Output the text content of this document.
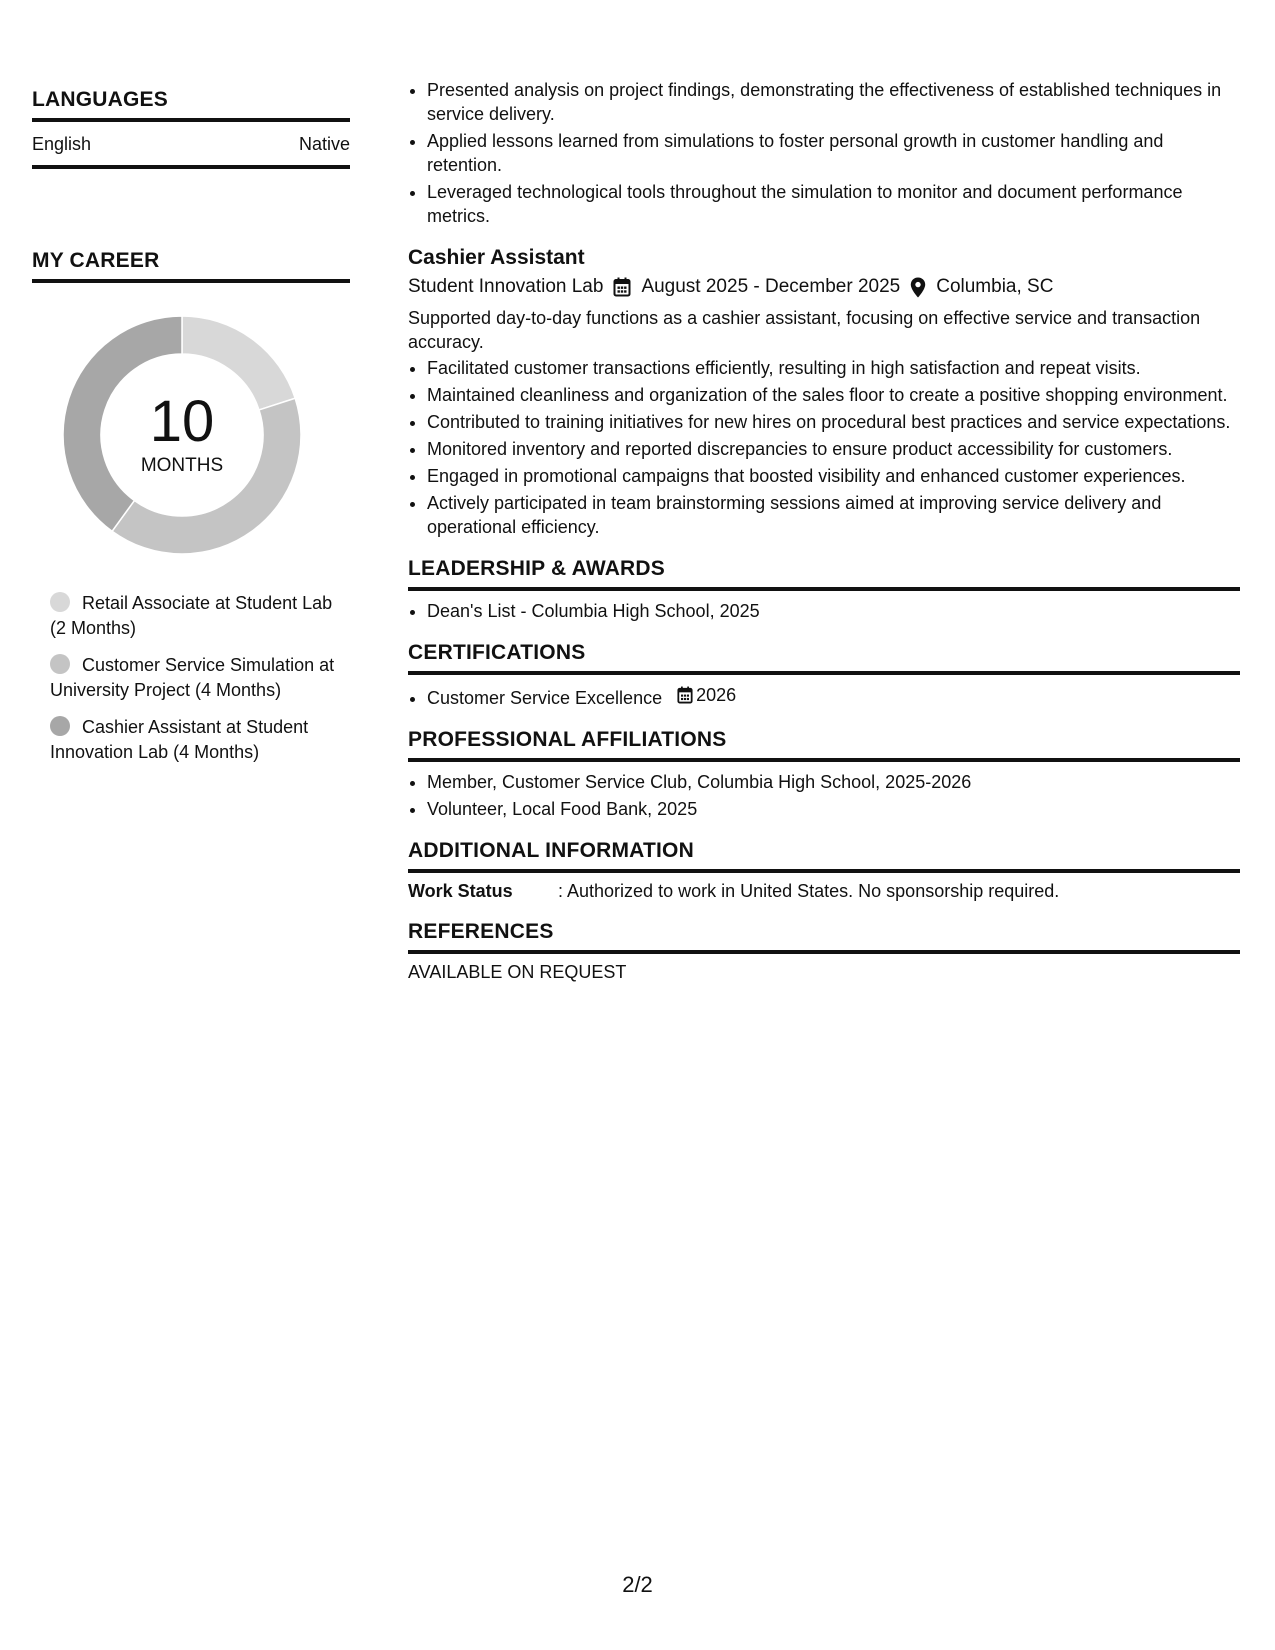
LANGUAGES
English	Native
MY CAREER
10
MONTHS
Retail Associate at Student Lab (2 Months)
Customer Service Simulation at University Project (4 Months)
Cashier Assistant at Student Innovation Lab (4 Months)
• Presented analysis on project findings, demonstrating the effectiveness of established techniques in service delivery.
• Applied lessons learned from simulations to foster personal growth in customer handling and retention.
• Leveraged technological tools throughout the simulation to monitor and document performance metrics.
Cashier Assistant
Student Innovation Lab August 2025 - December 2025 Columbia, SC

Supported day-to-day functions as a cashier assistant, focusing on effective service and transaction accuracy.

• Facilitated customer transactions efficiently, resulting in high satisfaction and repeat visits.
• Maintained cleanliness and organization of the sales floor to create a positive shopping environment.
• Contributed to training initiatives for new hires on procedural best practices and service expectations.
• Monitored inventory and reported discrepancies to ensure product accessibility for customers.
• Engaged in promotional campaigns that boosted visibility and enhanced customer experiences.
• Actively participated in team brainstorming sessions aimed at improving service delivery and operational efficiency.
LEADERSHIP & AWARDS
• Dean's List - Columbia High School, 2025
CERTIFICATIONS
• Customer Service Excellence 2026
PROFESSIONAL AFFILIATIONS
• Member, Customer Service Club, Columbia High School, 2025-2026
• Volunteer, Local Food Bank, 2025
ADDITIONAL INFORMATION
Work Status	: Authorized to work in United States. No sponsorship required.
REFERENCES
AVAILABLE ON REQUEST
2/2
